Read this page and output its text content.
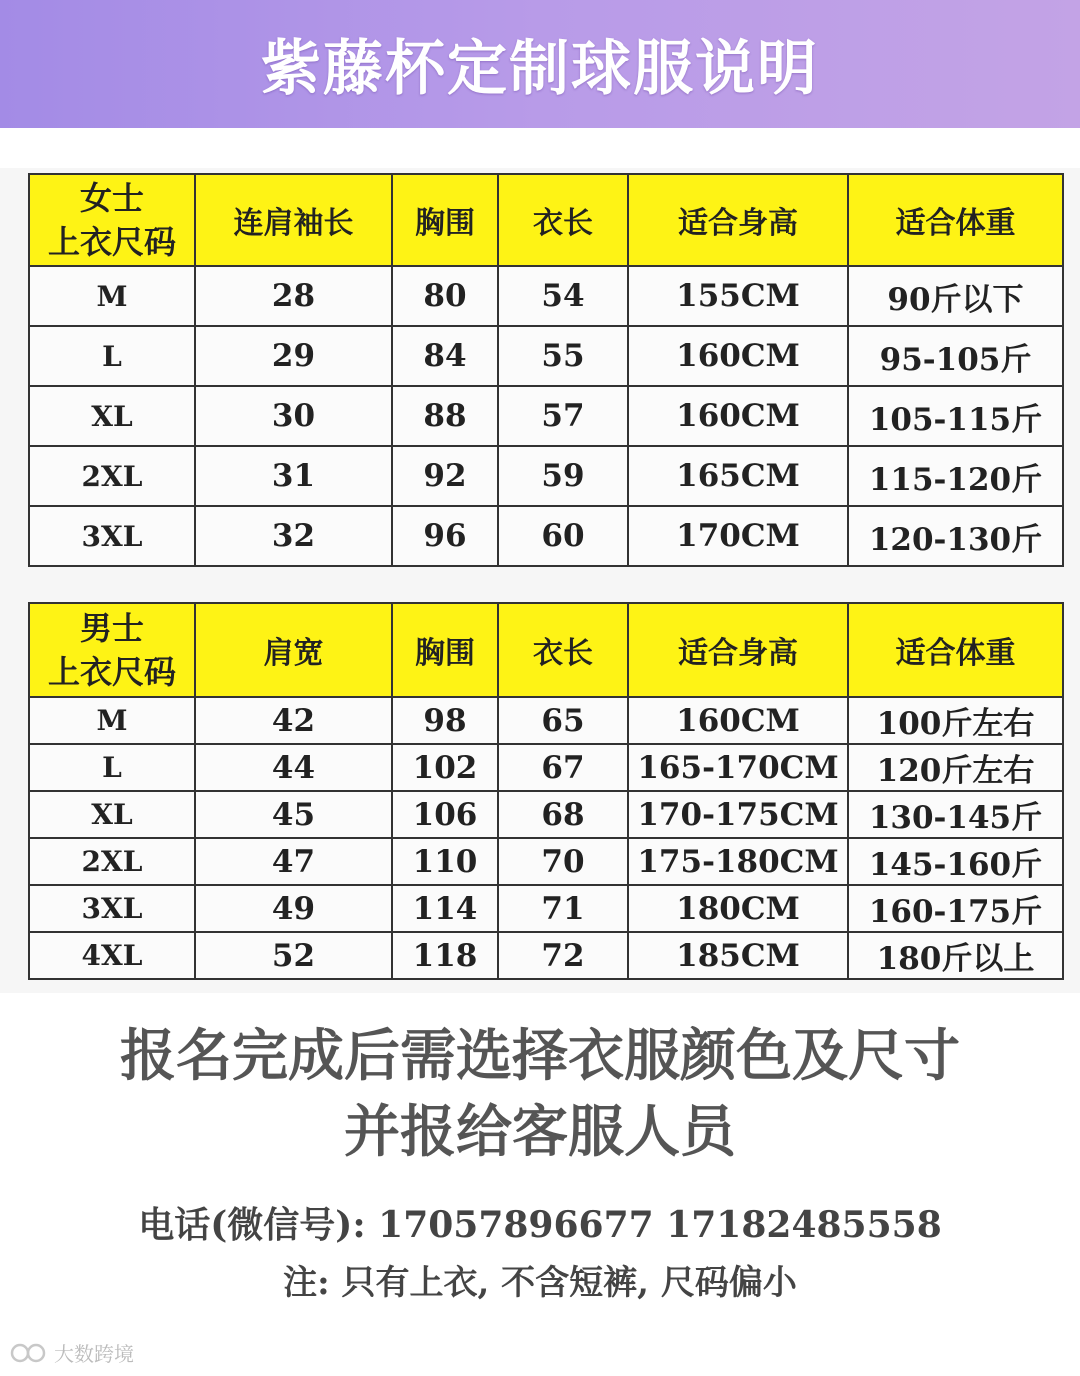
紫藤杯定制球服说明
女士
上衣尺码	连肩袖长	胸围	衣长	适合身高	适合体重
M	28	80	54	155CM	90斤以下
L	29	84	55	160CM	95-105斤
XL	30	88	57	160CM	105-115斤
2XL	31	92	59	165CM	115-120斤
3XL	32	96	60	170CM	120-130斤
男士
上衣尺码	肩宽	胸围	衣长	适合身高	适合体重
M	42	98	65	160CM	100斤左右
L	44	102	67	165-170CM	120斤左右
XL	45	106	68	170-175CM	130-145斤
2XL	47	110	70	175-180CM	145-160斤
3XL	49	114	71	180CM	160-175斤
4XL	52	118	72	185CM	180斤以上
报名完成后需选择衣服颜色及尺寸
并报给客服人员
电话(微信号): 17057896677 17182485558
注: 只有上衣, 不含短裤, 尺码偏小
大数跨境
